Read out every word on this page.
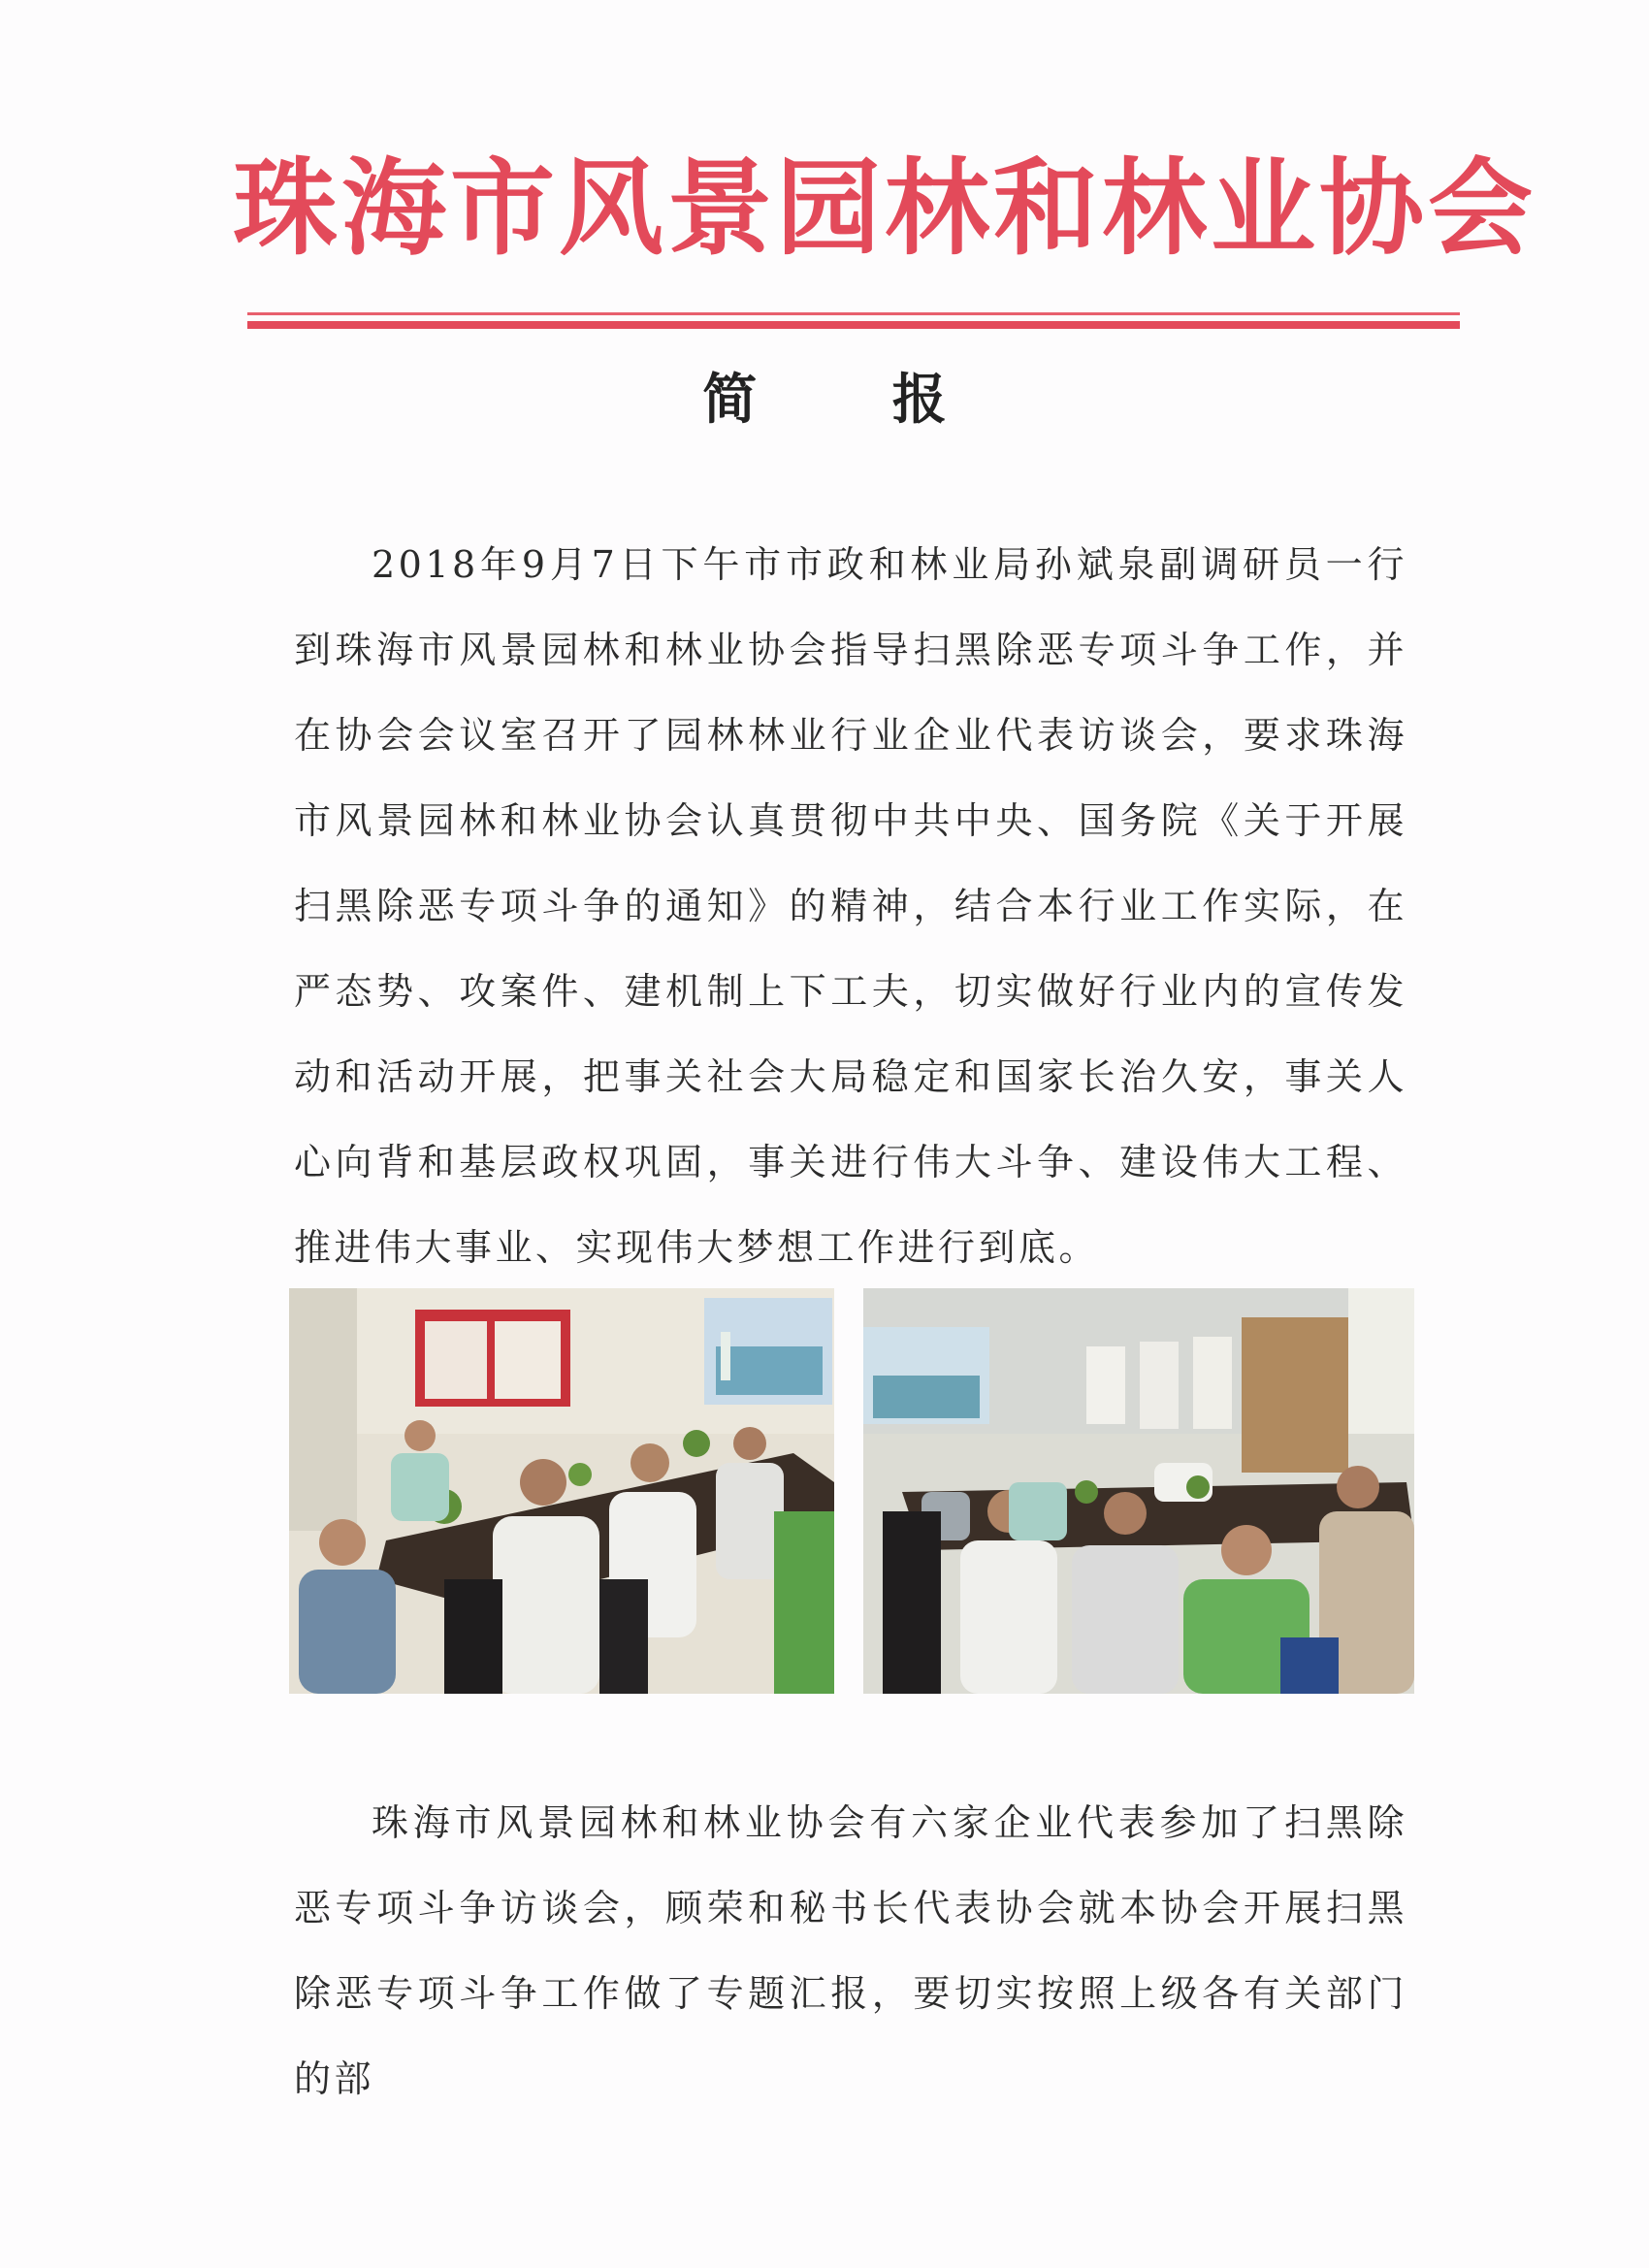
珠海市风景园林和林业协会
简 报

2018年9月7日下午市市政和林业局孙斌泉副调研员一行到珠海市风景园林和林业协会指导扫黑除恶专项斗争工作，并在协会会议室召开了园林林业行业企业代表访谈会，要求珠海市风景园林和林业协会认真贯彻中共中央、国务院《关于开展扫黑除恶专项斗争的通知》的精神，结合本行业工作实际，在严态势、攻案件、建机制上下工夫，切实做好行业内的宣传发动和活动开展，把事关社会大局稳定和国家长治久安，事关人心向背和基层政权巩固，事关进行伟大斗争、建设伟大工程、推进伟大事业、实现伟大梦想工作进行到底。

珠海市风景园林和林业协会有六家企业代表参加了扫黑除恶专项斗争访谈会，顾荣和秘书长代表协会就本协会开展扫黑除恶专项斗争工作做了专题汇报，要切实按照上级各有关部门的部
